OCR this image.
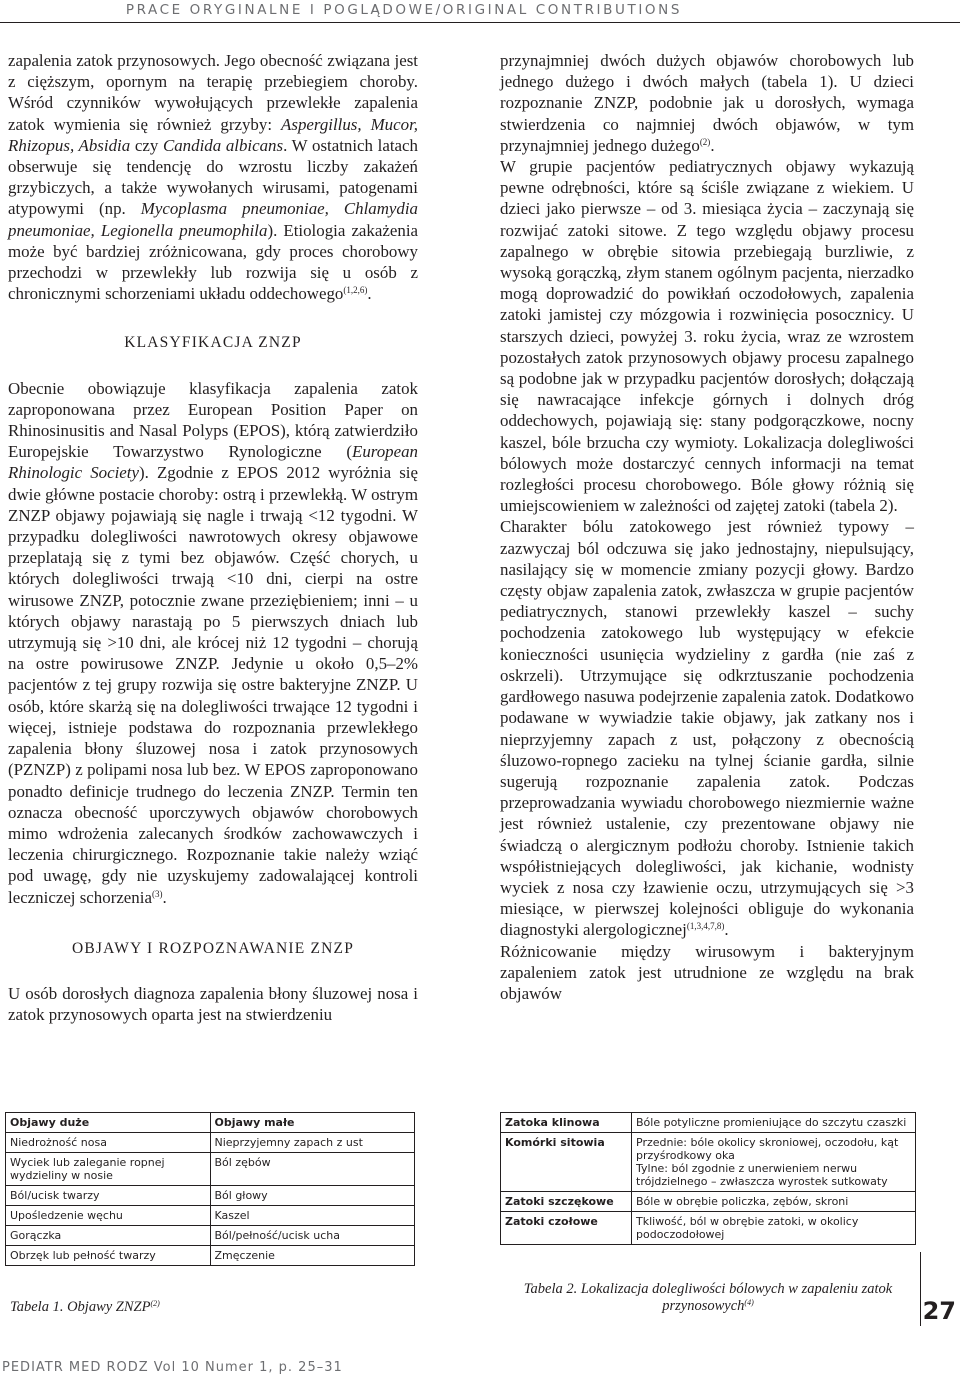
PRACE ORYGINALNE I POGLĄDOWE/ORIGINAL CONTRIBUTIONS

zapalenia zatok przynosowych. Jego obecność związana jest z cięższym, opornym na terapię przebiegiem choroby. Wśród czynników wywołujących przewlekłe zapalenia zatok wymienia się również grzyby: Aspergillus, Mucor, Rhizopus, Absidia czy Candida albicans. W ostatnich latach obserwuje się tendencję do wzrostu liczby zakażeń grzybiczych, a także wywołanych wirusami, patogenami atypowymi (np. Mycoplasma pneumoniae, Chlamydia pneumoniae, Legionella pneumophila). Etiologia zakażenia może być bardziej zróżnicowana, gdy proces chorobowy przechodzi w przewlekły lub rozwija się u osób z chronicznymi schorzeniami układu oddechowego$^{(1,2,6)}$.

KLASYFIKACJA ZNZP

Obecnie obowiązuje klasyfikacja zapalenia zatok zaproponowana przez European Position Paper on Rhinosinusitis and Nasal Polyps (EPOS), którą zatwierdziło Europejskie Towarzystwo Rynologiczne (European Rhinologic Society). Zgodnie z EPOS 2012 wyróżnia się dwie główne postacie choroby: ostrą i przewlekłą. W ostrym ZNZP objawy pojawiają się nagle i trwają <12 tygodni. W przypadku dolegliwości nawrotowych okresy objawowe przeplatają się z tymi bez objawów. Część chorych, u których dolegliwości trwają <10 dni, cierpi na ostre wirusowe ZNZP, potocznie zwane przeziębieniem; inni – u których objawy narastają po 5 pierwszych dniach lub utrzymują się >10 dni, ale krócej niż 12 tygodni – chorują na ostre powirusowe ZNZP. Jedynie u około 0,5–2% pacjentów z tej grupy rozwija się ostre bakteryjne ZNZP. U osób, które skarżą się na dolegliwości trwające 12 tygodni i więcej, istnieje podstawa do rozpoznania przewlekłego zapalenia błony śluzowej nosa i zatok przynosowych (PZNZP) z polipami nosa lub bez. W EPOS zaproponowano ponadto definicje trudnego do leczenia ZNZP. Termin ten oznacza obecność uporczywych objawów chorobowych mimo wdrożenia zalecanych środków zachowawczych i leczenia chirurgicznego. Rozpoznanie takie należy wziąć pod uwagę, gdy nie uzyskujemy zadowalającej kontroli leczniczej schorzenia$^{(3)}$.

OBJAWY I ROZPOZNAWANIE ZNZP

U osób dorosłych diagnoza zapalenia błony śluzowej nosa i zatok przynosowych oparta jest na stwierdzeniu

przynajmniej dwóch dużych objawów chorobowych lub jednego dużego i dwóch małych (tabela 1). U dzieci rozpoznanie ZNZP, podobnie jak u dorosłych, wymaga stwierdzenia co najmniej dwóch objawów, w tym przynajmniej jednego dużego$^{(2)}$.

W grupie pacjentów pediatrycznych objawy wykazują pewne odrębności, które są ściśle związane z wiekiem. U dzieci jako pierwsze – od 3. miesiąca życia – zaczynają się rozwijać zatoki sitowe. Z tego względu objawy procesu zapalnego w obrębie sitowia przebiegają burzliwie, z wysoką gorączką, złym stanem ogólnym pacjenta, nierzadko mogą doprowadzić do powikłań oczodołowych, zapalenia zatoki jamistej czy mózgowia i rozwinięcia posocznicy. U starszych dzieci, powyżej 3. roku życia, wraz ze wzrostem pozostałych zatok przynosowych objawy procesu zapalnego są podobne jak w przypadku pacjentów dorosłych; dołączają się nawracające infekcje górnych i dolnych dróg oddechowych, pojawiają się: stany podgorączkowe, nocny kaszel, bóle brzucha czy wymioty. Lokalizacja dolegliwości bólowych może dostarczyć cennych informacji na temat rozległości procesu chorobowego. Bóle głowy różnią się umiejscowieniem w zależności od zajętej zatoki (tabela 2).

Charakter bólu zatokowego jest również typowy – zazwyczaj ból odczuwa się jako jednostajny, niepulsujący, nasilający się w momencie zmiany pozycji głowy. Bardzo częsty objaw zapalenia zatok, zwłaszcza w grupie pacjentów pediatrycznych, stanowi przewlekły kaszel – suchy pochodzenia zatokowego lub występujący w efekcie konieczności usunięcia wydzieliny z gardła (nie zaś z oskrzeli). Utrzymujące się odkrztuszanie pochodzenia gardłowego nasuwa podejrzenie zapalenia zatok. Dodatkowo podawane w wywiadzie takie objawy, jak zatkany nos i nieprzyjemny zapach z ust, połączony z obecnością śluzowo-ropnego zacieku na tylnej ścianie gardła, silnie sugerują rozpoznanie zapalenia zatok. Podczas przeprowadzania wywiadu chorobowego niezmiernie ważne jest również ustalenie, czy prezentowane objawy nie świadczą o alergicznym podłożu choroby. Istnienie takich współistniejących dolegliwości, jak kichanie, wodnisty wyciek z nosa czy łzawienie oczu, utrzymujących się >3 miesiące, w pierwszej kolejności obliguje do wykonania diagnostyki alergologicznej$^{(1,3,4,7,8)}$.

Różnicowanie między wirusowym i bakteryjnym zapaleniem zatok jest utrudnione ze względu na brak objawów

Objawy duże	Objawy małe
Niedrożność nosa	Nieprzyjemny zapach z ust
Wyciek lub zaleganie ropnej wydzieliny w nosie	Ból zębów
Ból/ucisk twarzy	Ból głowy
Upośledzenie węchu	Kaszel
Gorączka	Ból/pełność/ucisk ucha
Obrzęk lub pełność twarzy	Zmęczenie
Tabela 1. Objawy ZNZP$^{(2)}$
Zatoka klinowa	Bóle potyliczne promieniujące do szczytu czaszki
Komórki sitowia	Przednie: bóle okolicy skroniowej, oczodołu, kąt przyśrodkowy oka
Tylne: ból zgodnie z unerwieniem nerwu trójdzielnego – zwłaszcza wyrostek sutkowaty
Zatoki szczękowe	Bóle w obrębie policzka, zębów, skroni
Zatoki czołowe	Tkliwość, ból w obrębie zatoki, w okolicy podoczodołowej
Tabela 2. Lokalizacja dolegliwości bólowych w zapaleniu zatok przynosowych$^{(4)}$	27
PEDIATR MED RODZ Vol 10 Numer 1, p. 25–31
